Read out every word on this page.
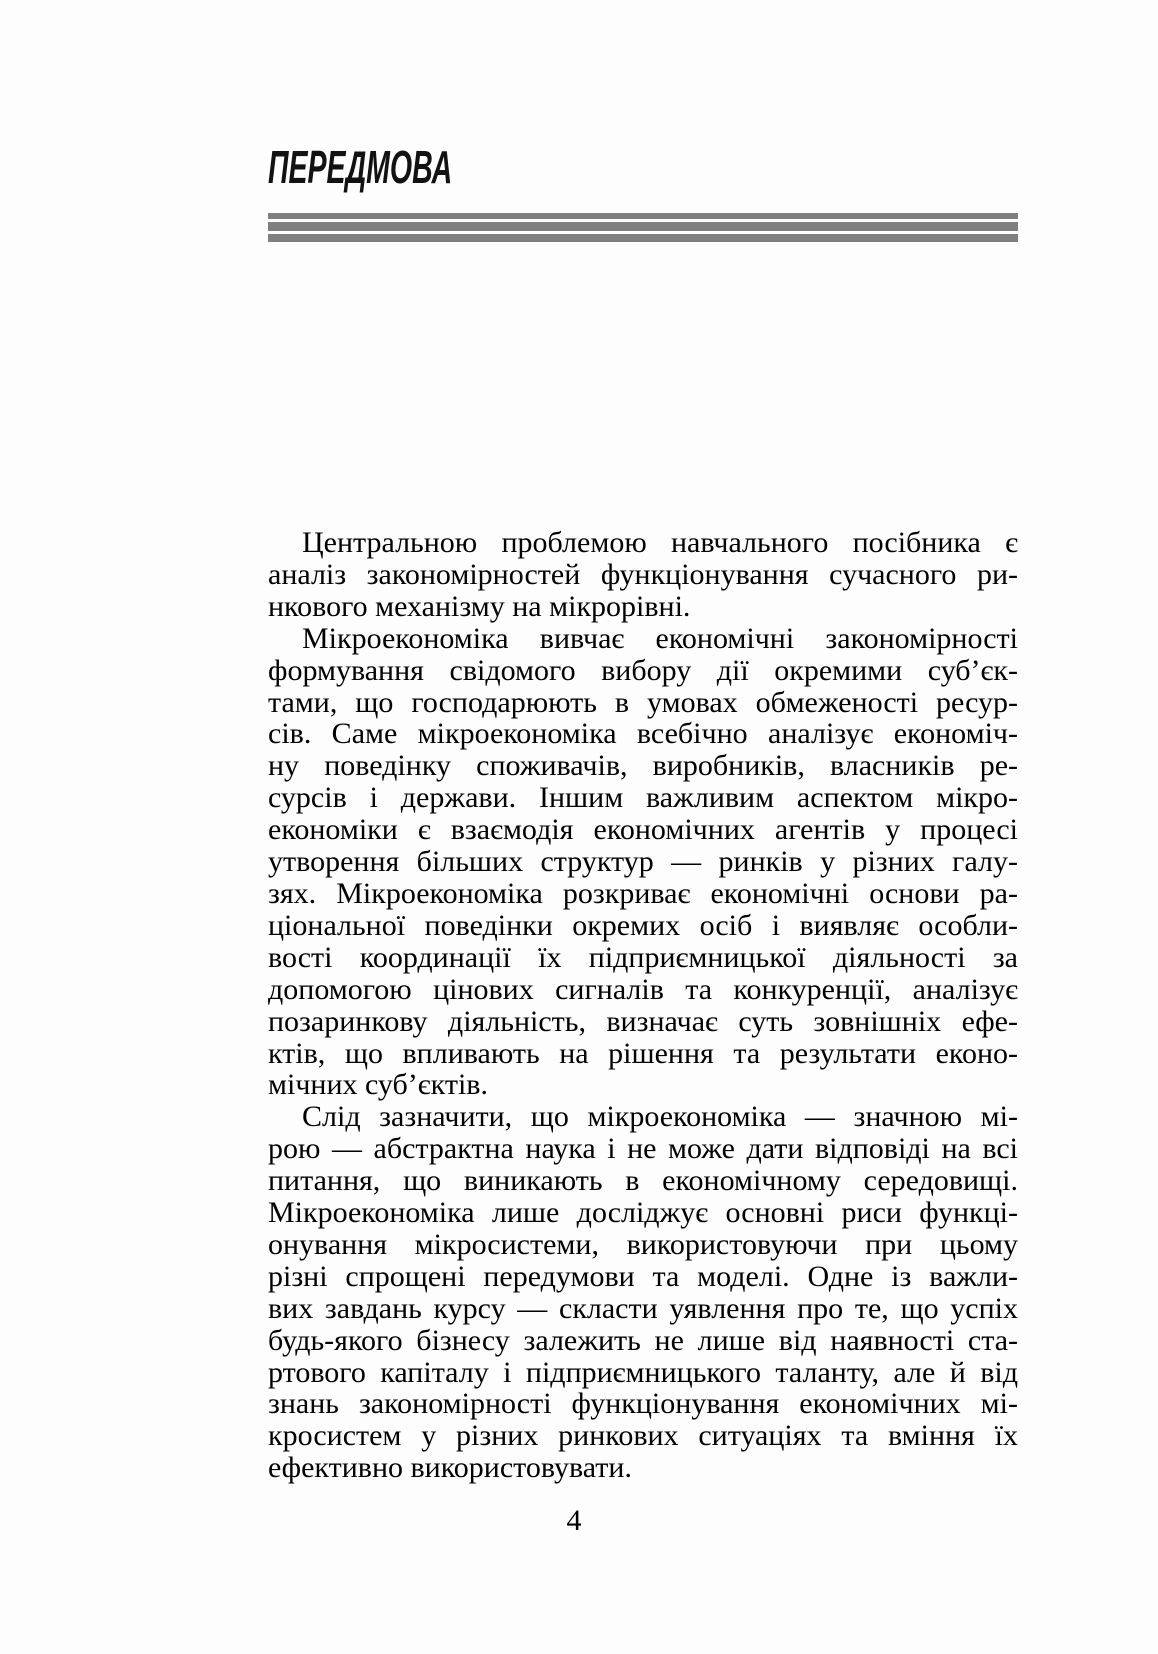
ПЕРЕДМОВА
Центральною проблемою навчального посібника є
аналіз закономірностей функціонування сучасного ри-
нкового механізму на мікрорівні.
Мікроекономіка вивчає економічні закономірності
формування свідомого вибору дії окремими суб’єк-
тами, що господарюють в умовах обмеженості ресур-
сів. Саме мікроекономіка всебічно аналізує економіч-
ну поведінку споживачів, виробників, власників ре-
сурсів і держави. Іншим важливим аспектом мікро-
економіки є взаємодія економічних агентів у процесі
утворення більших структур — ринків у різних галу-
зях. Мікроекономіка розкриває економічні основи ра-
ціональної поведінки окремих осіб і виявляє особли-
вості координації їх підприємницької діяльності за
допомогою цінових сигналів та конкуренції, аналізує
позаринкову діяльність, визначає суть зовнішніх ефе-
ктів, що впливають на рішення та результати еконо-
мічних суб’єктів.
Слід зазначити, що мікроекономіка — значною мі-
рою — абстрактна наука і не може дати відповіді на всі
питання, що виникають в економічному середовищі.
Мікроекономіка лише досліджує основні риси функці-
онування мікросистеми, використовуючи при цьому
різні спрощені передумови та моделі. Одне із важли-
вих завдань курсу — скласти уявлення про те, що успіх
будь-якого бізнесу залежить не лише від наявності ста-
ртового капіталу і підприємницького таланту, але й від
знань закономірності функціонування економічних мі-
кросистем у різних ринкових ситуаціях та вміння їх
ефективно використовувати.
4
